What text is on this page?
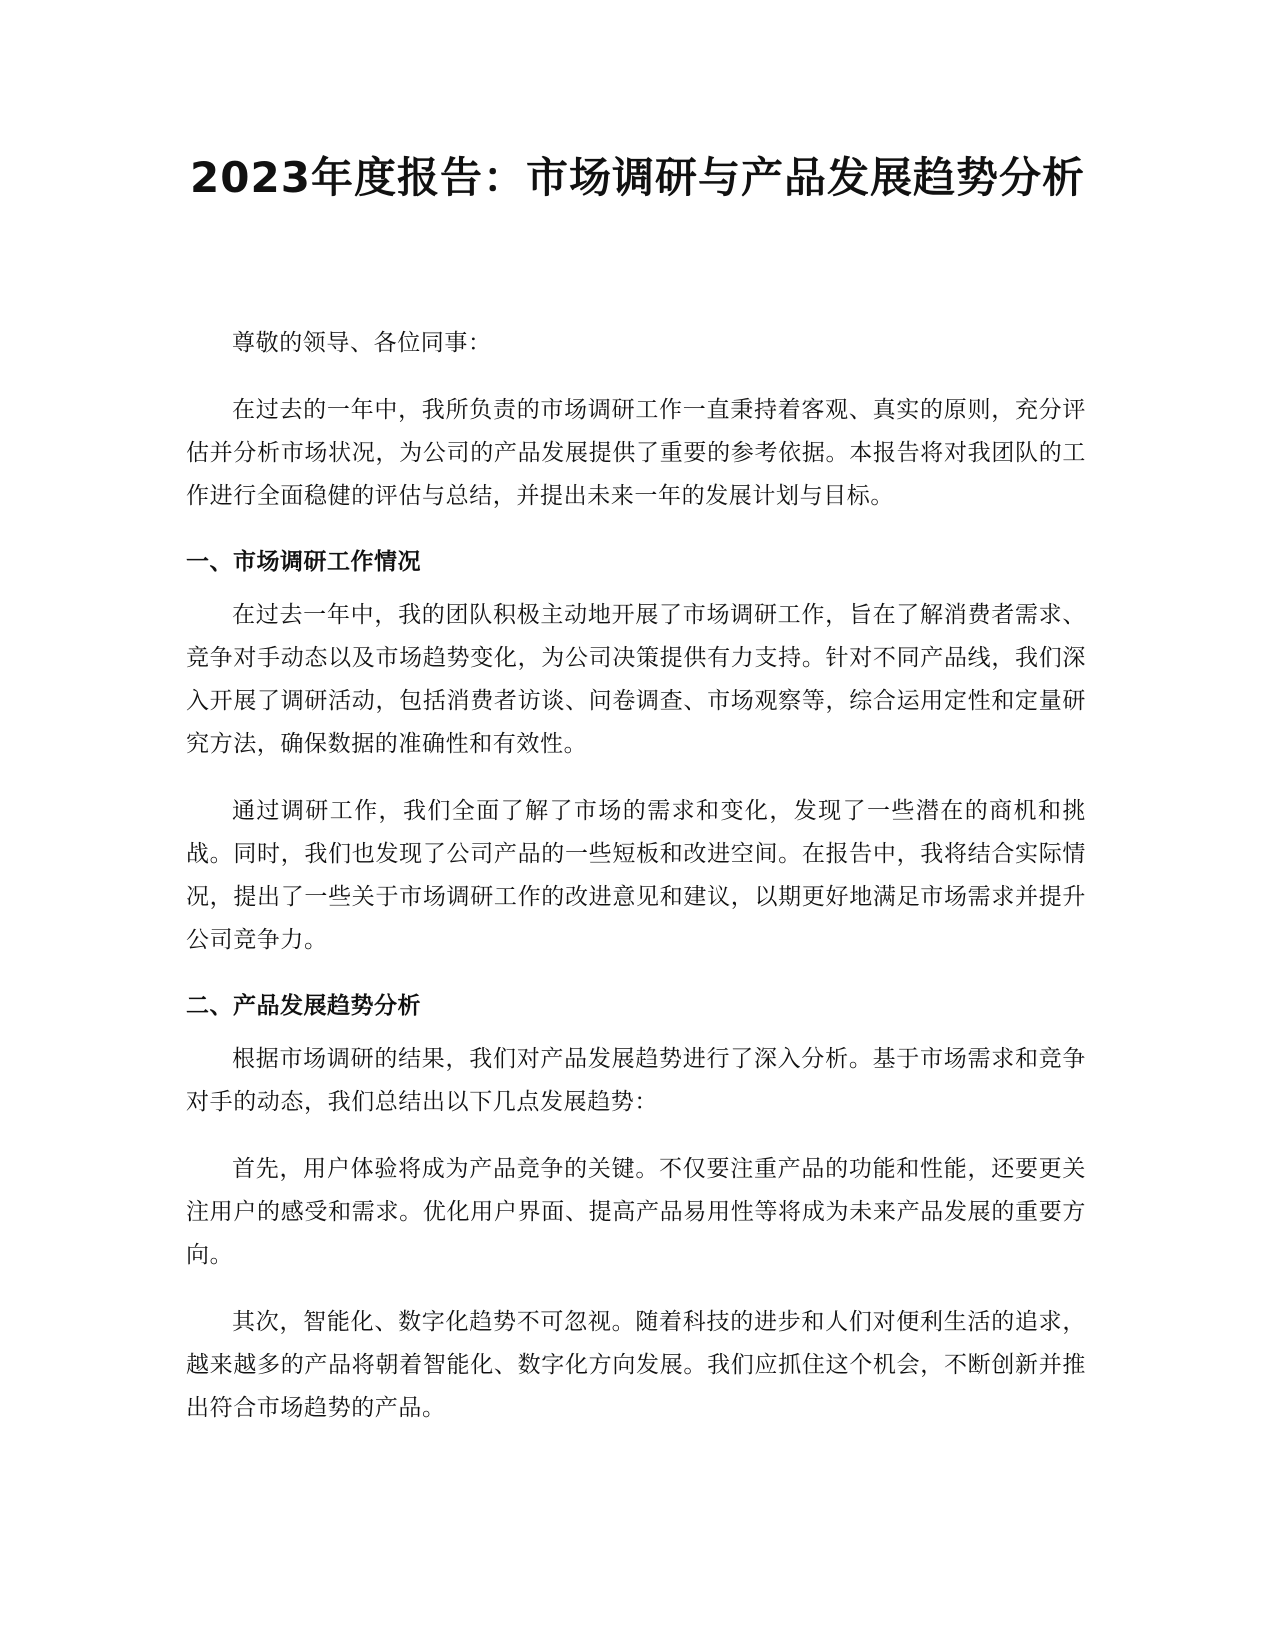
2023年度报告：市场调研与产品发展趋势分析

尊敬的领导、各位同事：

在过去的一年中，我所负责的市场调研工作一直秉持着客观、真实的原则，充分评估并分析市场状况，为公司的产品发展提供了重要的参考依据。本报告将对我团队的工作进行全面稳健的评估与总结，并提出未来一年的发展计划与目标。

一、市场调研工作情况

在过去一年中，我的团队积极主动地开展了市场调研工作，旨在了解消费者需求、竞争对手动态以及市场趋势变化，为公司决策提供有力支持。针对不同产品线，我们深入开展了调研活动，包括消费者访谈、问卷调查、市场观察等，综合运用定性和定量研究方法，确保数据的准确性和有效性。

通过调研工作，我们全面了解了市场的需求和变化，发现了一些潜在的商机和挑战。同时，我们也发现了公司产品的一些短板和改进空间。在报告中，我将结合实际情况，提出了一些关于市场调研工作的改进意见和建议，以期更好地满足市场需求并提升公司竞争力。

二、产品发展趋势分析

根据市场调研的结果，我们对产品发展趋势进行了深入分析。基于市场需求和竞争对手的动态，我们总结出以下几点发展趋势：

首先，用户体验将成为产品竞争的关键。不仅要注重产品的功能和性能，还要更关注用户的感受和需求。优化用户界面、提高产品易用性等将成为未来产品发展的重要方向。

其次，智能化、数字化趋势不可忽视。随着科技的进步和人们对便利生活的追求，越来越多的产品将朝着智能化、数字化方向发展。我们应抓住这个机会，不断创新并推出符合市场趋势的产品。
